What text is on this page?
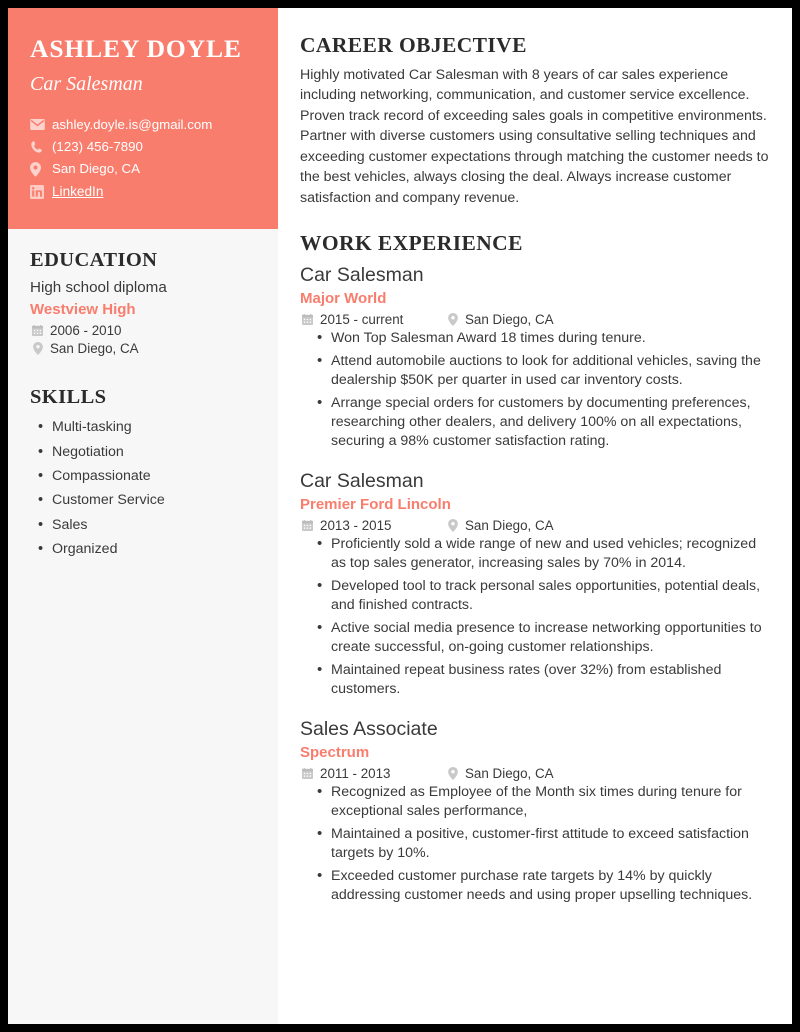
ASHLEY DOYLE
Car Salesman
ashley.doyle.is@gmail.com
(123) 456-7890
San Diego, CA
LinkedIn
EDUCATION
High school diploma
Westview High
2006 - 2010
San Diego, CA
SKILLS
• Multi-tasking
• Negotiation
• Compassionate
• Customer Service
• Sales
• Organized
CAREER OBJECTIVE

Highly motivated Car Salesman with 8 years of car sales experience including networking, communication, and customer service excellence. Proven track record of exceeding sales goals in competitive environments. Partner with diverse customers using consultative selling techniques and exceeding customer expectations through matching the customer needs to the best vehicles, always closing the deal. Always increase customer satisfaction and company revenue.

WORK EXPERIENCE
Car Salesman
Major World
2015 - current	San Diego, CA
• Won Top Salesman Award 18 times during tenure.
• Attend automobile auctions to look for additional vehicles, saving the dealership $50K per quarter in used car inventory costs.
• Arrange special orders for customers by documenting preferences, researching other dealers, and delivery 100% on all expectations, securing a 98% customer satisfaction rating.
Car Salesman
Premier Ford Lincoln
2013 - 2015	San Diego, CA
• Proficiently sold a wide range of new and used vehicles; recognized as top sales generator, increasing sales by 70% in 2014.
• Developed tool to track personal sales opportunities, potential deals, and finished contracts.
• Active social media presence to increase networking opportunities to create successful, on-going customer relationships.
• Maintained repeat business rates (over 32%) from established customers.
Sales Associate
Spectrum
2011 - 2013	San Diego, CA
• Recognized as Employee of the Month six times during tenure for exceptional sales performance,
• Maintained a positive, customer-first attitude to exceed satisfaction targets by 10%.
• Exceeded customer purchase rate targets by 14% by quickly addressing customer needs and using proper upselling techniques.
